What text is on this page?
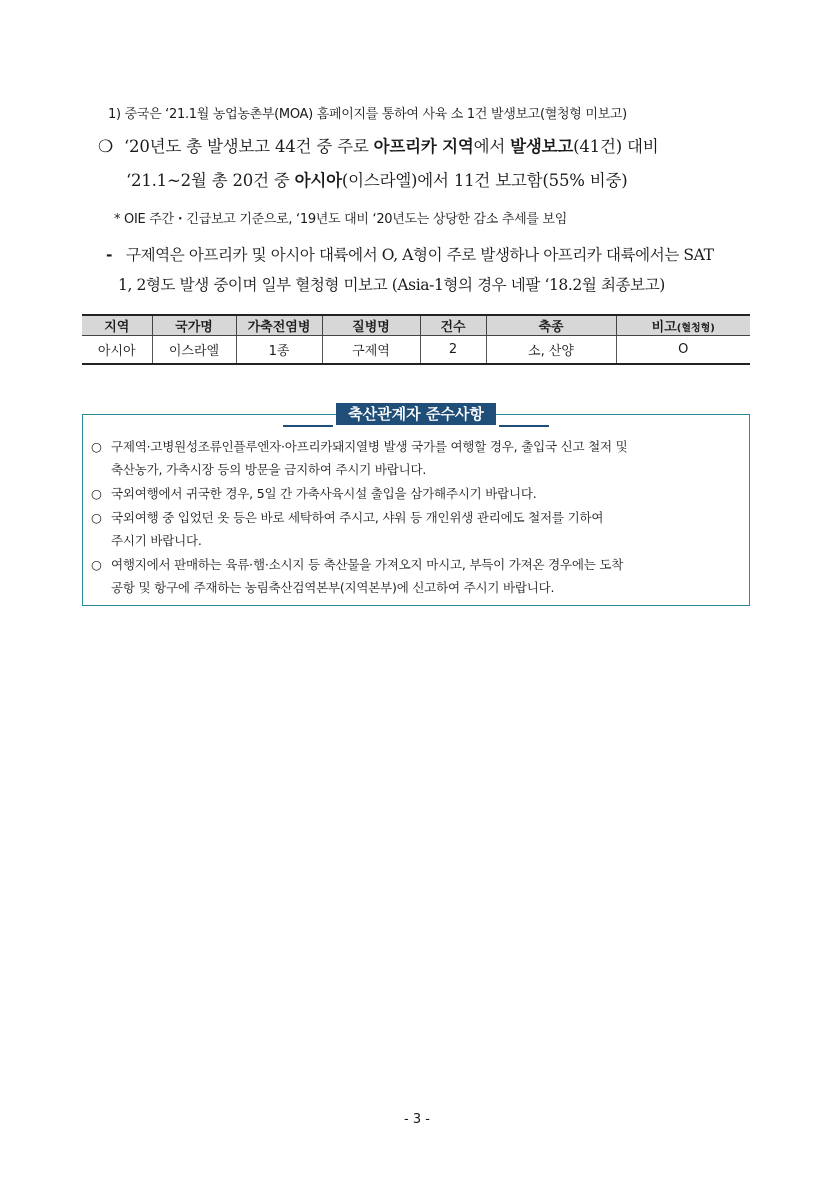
1) 중국은 ‘21.1월 농업농촌부(MOA) 홈페이지를 통하여 사육 소 1건 발생보고(혈청형 미보고)
❍ ‘20년도 총 발생보고 44건 중 주로 아프리카 지역에서 발생보고(41건) 대비
‘21.1~2월 총 20건 중 아시아(이스라엘)에서 11건 보고함(55% 비중)
* OIE 주간・긴급보고 기준으로, ‘19년도 대비 ‘20년도는 상당한 감소 추세를 보임
- 구제역은 아프리카 및 아시아 대륙에서 O, A형이 주로 발생하나 아프리카 대륙에서는 SAT
1, 2형도 발생 중이며 일부 혈청형 미보고 (Asia-1형의 경우 네팔 ‘18.2월 최종보고)
지역	국가명	가축전염병	질병명	건수	축종	비고(혈청형)
아시아	이스라엘	1종	구제역	2	소, 산양	O
축산관계자 준수사항
○ 구제역·고병원성조류인플루엔자·아프리카돼지열병 발생 국가를 여행할 경우, 출입국 신고 철저 및
축산농가, 가축시장 등의 방문을 금지하여 주시기 바랍니다.
○ 국외여행에서 귀국한 경우, 5일 간 가축사육시설 출입을 삼가해주시기 바랍니다.
○ 국외여행 중 입었던 옷 등은 바로 세탁하여 주시고, 샤워 등 개인위생 관리에도 철저를 기하여
주시기 바랍니다.
○ 여행지에서 판매하는 육류·햄·소시지 등 축산물을 가져오지 마시고, 부득이 가져온 경우에는 도착
공항 및 항구에 주재하는 농림축산검역본부(지역본부)에 신고하여 주시기 바랍니다.
- 3 -
